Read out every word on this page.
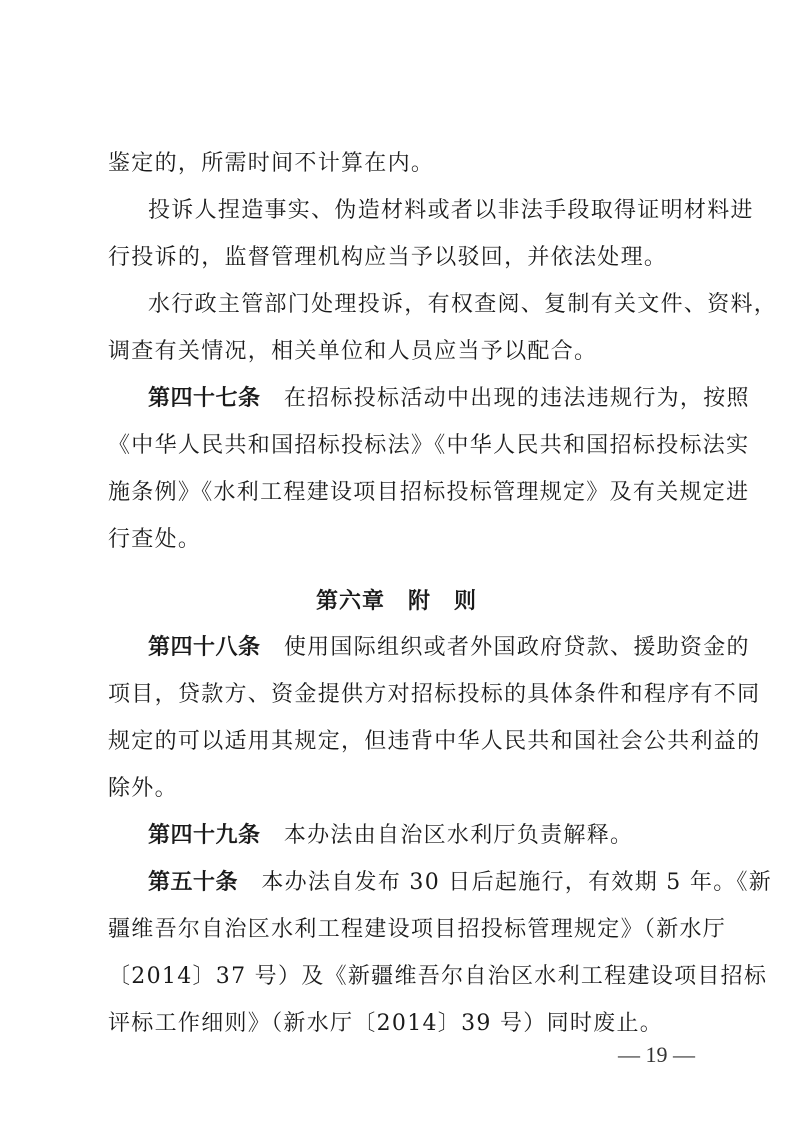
鉴定的，所需时间不计算在内。
投诉人捏造事实、伪造材料或者以非法手段取得证明材料进
行投诉的，监督管理机构应当予以驳回，并依法处理。
水行政主管部门处理投诉，有权查阅、复制有关文件、资料，
调查有关情况，相关单位和人员应当予以配合。
第四十七条　 在招标投标活动中出现的违法违规行为，按照
《中华人民共和国招标投标法》《中华人民共和国招标投标法实
施条例》《水利工程建设项目招标投标管理规定》及有关规定进
行查处。
第六章　附　则
第四十八条　 使用国际组织或者外国政府贷款、援助资金的
项目，贷款方、资金提供方对招标投标的具体条件和程序有不同
规定的可以适用其规定，但违背中华人民共和国社会公共利益的
除外。
第四十九条　 本办法由自治区水利厅负责解释。
第五十条　 本办法自发布 30 日后起施行，有效期 5 年。《新
疆维吾尔自治区水利工程建设项目招投标管理规定》（新水厅
〔2014〕37 号）及《新疆维吾尔自治区水利工程建设项目招标
评标工作细则》（新水厅〔2014〕39 号）同时废止。
— 19 —
